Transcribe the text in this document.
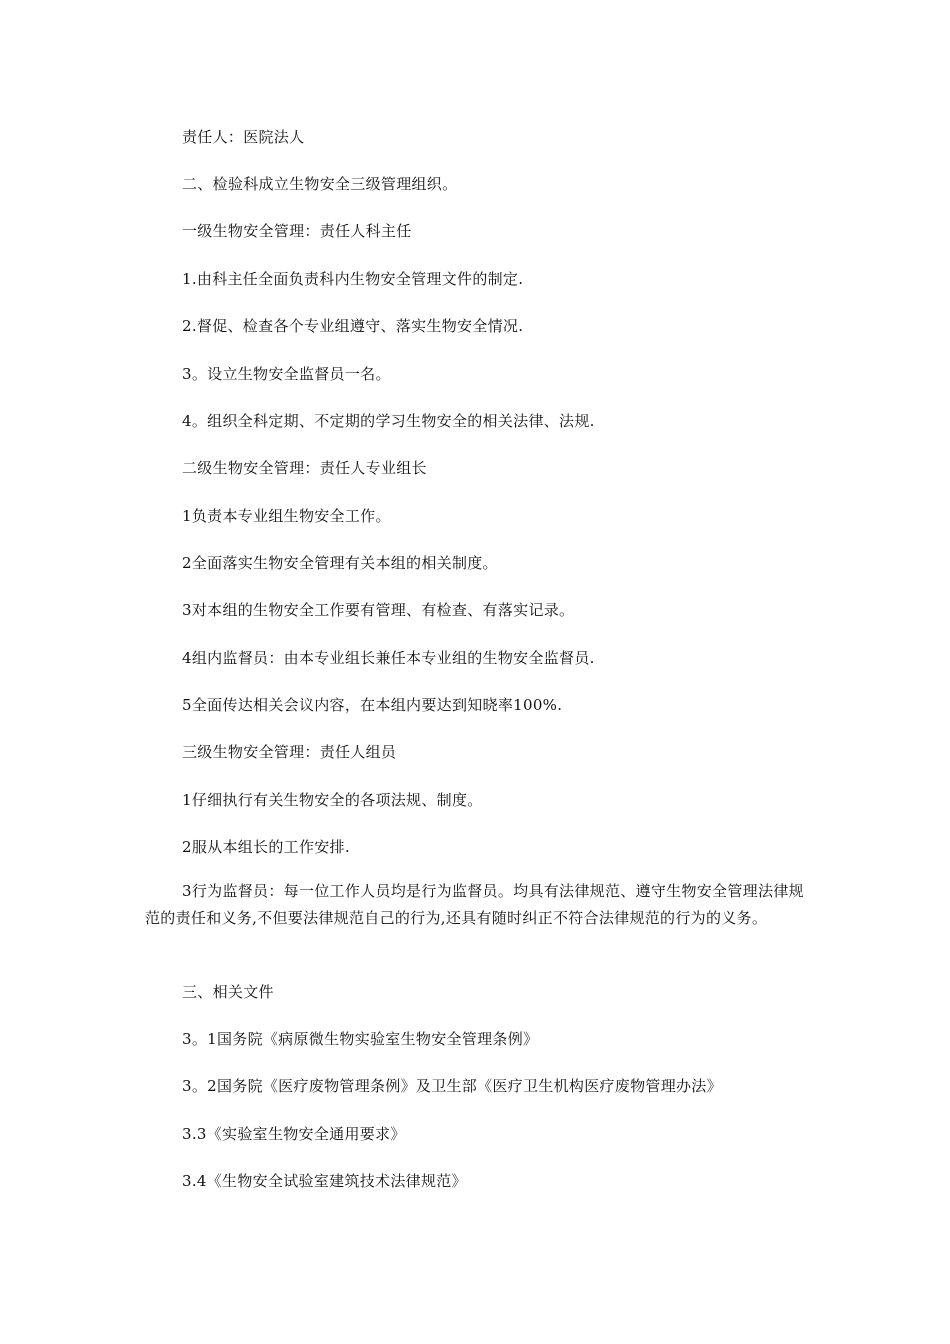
责任人：医院法人
二、检验科成立生物安全三级管理组织。
一级生物安全管理：责任人科主任
1.由科主任全面负责科内生物安全管理文件的制定.
2.督促、检查各个专业组遵守、落实生物安全情况.
3。设立生物安全监督员一名。
4。组织全科定期、不定期的学习生物安全的相关法律、法规.
二级生物安全管理：责任人专业组长
1负责本专业组生物安全工作。
2全面落实生物安全管理有关本组的相关制度。
3对本组的生物安全工作要有管理、有检查、有落实记录。
4组内监督员：由本专业组长兼任本专业组的生物安全监督员.
5全面传达相关会议内容，在本组内要达到知晓率100%.
三级生物安全管理：责任人组员
1仔细执行有关生物安全的各项法规、制度。
2服从本组长的工作安排.
3行为监督员：每一位工作人员均是行为监督员。均具有法律规范、遵守生物安全管理法律规范的责任和义务,不但要法律规范自己的行为,还具有随时纠正不符合法律规范的行为的义务。
三、相关文件
3。1国务院《病原微生物实验室生物安全管理条例》
3。2国务院《医疗废物管理条例》及卫生部《医疗卫生机构医疗废物管理办法》
3.3《实验室生物安全通用要求》
3.4《生物安全试验室建筑技术法律规范》
